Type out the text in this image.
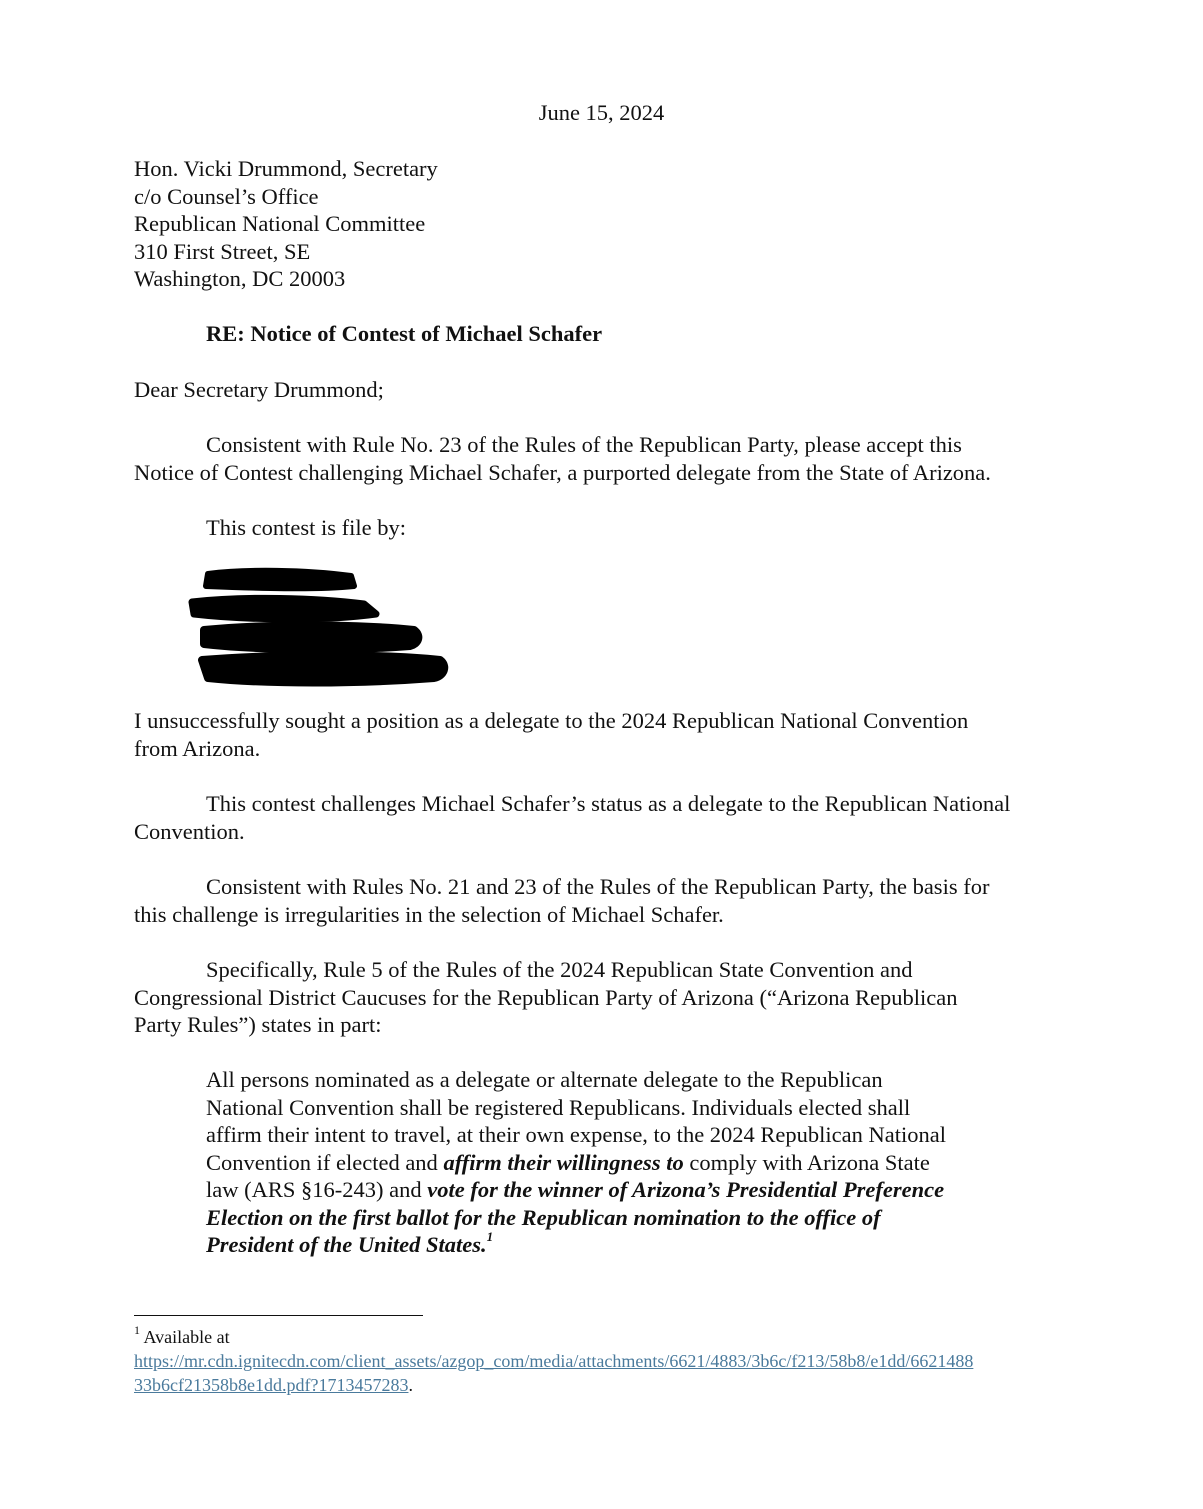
June 15, 2024
Hon. Vicki Drummond, Secretary
c/o Counsel’s Office
Republican National Committee
310 First Street, SE
Washington, DC 20003
RE: Notice of Contest of Michael Schafer
Dear Secretary Drummond;
Consistent with Rule No. 23 of the Rules of the Republican Party, please accept this
Notice of Contest challenging Michael Schafer, a purported delegate from the State of Arizona.
This contest is file by:
I unsuccessfully sought a position as a delegate to the 2024 Republican National Convention
from Arizona.
This contest challenges Michael Schafer’s status as a delegate to the Republican National
Convention.
Consistent with Rules No. 21 and 23 of the Rules of the Republican Party, the basis for
this challenge is irregularities in the selection of Michael Schafer.
Specifically, Rule 5 of the Rules of the 2024 Republican State Convention and
Congressional District Caucuses for the Republican Party of Arizona (“Arizona Republican
Party Rules”) states in part:
All persons nominated as a delegate or alternate delegate to the Republican
National Convention shall be registered Republicans. Individuals elected shall
affirm their intent to travel, at their own expense, to the 2024 Republican National
Convention if elected and affirm their willingness to comply with Arizona State
law (ARS §16-243) and vote for the winner of Arizona’s Presidential Preference
Election on the first ballot for the Republican nomination to the office of
President of the United States.$^1$
$^1$ Available at
https://mr.cdn.ignitecdn.com/client_assets/azgop_com/media/attachments/6621/4883/3b6c/f213/58b8/e1dd/6621488
33b6cf21358b8e1dd.pdf?1713457283.
